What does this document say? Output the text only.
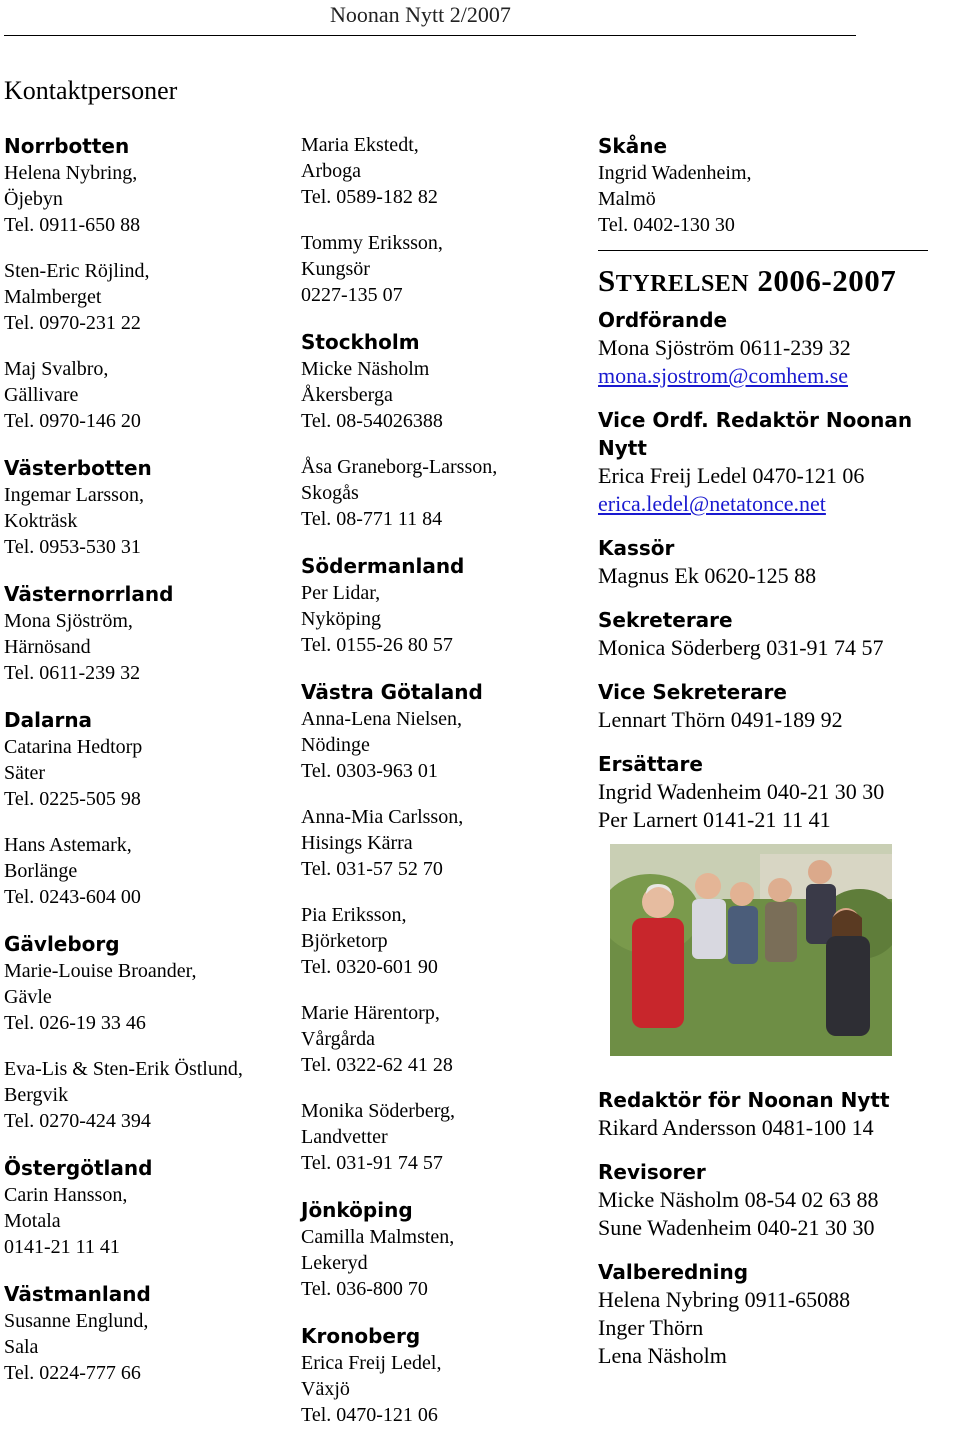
Noonan Nytt 2/2007
Kontaktpersoner
Norrbotten
Helena Nybring,
Öjebyn
Tel. 0911-650 88
Sten-Eric Röjlind,
Malmberget
Tel. 0970-231 22
Maj Svalbro,
Gällivare
Tel. 0970-146 20
Västerbotten
Ingemar Larsson,
Kokträsk
Tel. 0953-530 31
Västernorrland
Mona Sjöström,
Härnösand
Tel. 0611-239 32
Dalarna
Catarina Hedtorp
Säter
Tel. 0225-505 98
Hans Astemark,
Borlänge
Tel. 0243-604 00
Gävleborg
Marie-Louise Broander,
Gävle
Tel. 026-19 33 46
Eva-Lis & Sten-Erik Östlund,
Bergvik
Tel. 0270-424 394
Östergötland
Carin Hansson,
Motala
0141-21 11 41
Västmanland
Susanne Englund,
Sala
Tel. 0224-777 66
Maria Ekstedt,
Arboga
Tel. 0589-182 82
Tommy Eriksson,
Kungsör
0227-135 07
Stockholm
Micke Näsholm
Åkersberga
Tel. 08-54026388
Åsa Graneborg-Larsson,
Skogås
Tel. 08-771 11 84
Södermanland
Per Lidar,
Nyköping
Tel. 0155-26 80 57
Västra Götaland
Anna-Lena Nielsen,
Nödinge
Tel. 0303-963 01
Anna-Mia Carlsson,
Hisings Kärra
Tel. 031-57 52 70
Pia Eriksson,
Björketorp
Tel. 0320-601 90
Marie Härentorp,
Vårgårda
Tel. 0322-62 41 28
Monika Söderberg,
Landvetter
Tel. 031-91 74 57
Jönköping
Camilla Malmsten,
Lekeryd
Tel. 036-800 70
Kronoberg
Erica Freij Ledel,
Växjö
Tel. 0470-121 06
Skåne
Ingrid Wadenheim,
Malmö
Tel. 0402-130 30
STYRELSEN 2006-2007
Ordförande
Mona Sjöström 0611-239 32
mona.sjostrom@comhem.se
Vice Ordf. Redaktör Noonan Nytt
Erica Freij Ledel 0470-121 06
erica.ledel@netatonce.net
Kassör
Magnus Ek 0620-125 88
Sekreterare
Monica Söderberg 031-91 74 57
Vice Sekreterare
Lennart Thörn 0491-189 92
Ersättare
Ingrid Wadenheim 040-21 30 30
Per Larnert 0141-21 11 41
Redaktör för Noonan Nytt
Rikard Andersson 0481-100 14
Revisorer
Micke Näsholm 08-54 02 63 88
Sune Wadenheim 040-21 30 30
Valberedning
Helena Nybring 0911-65088
Inger Thörn
Lena Näsholm
